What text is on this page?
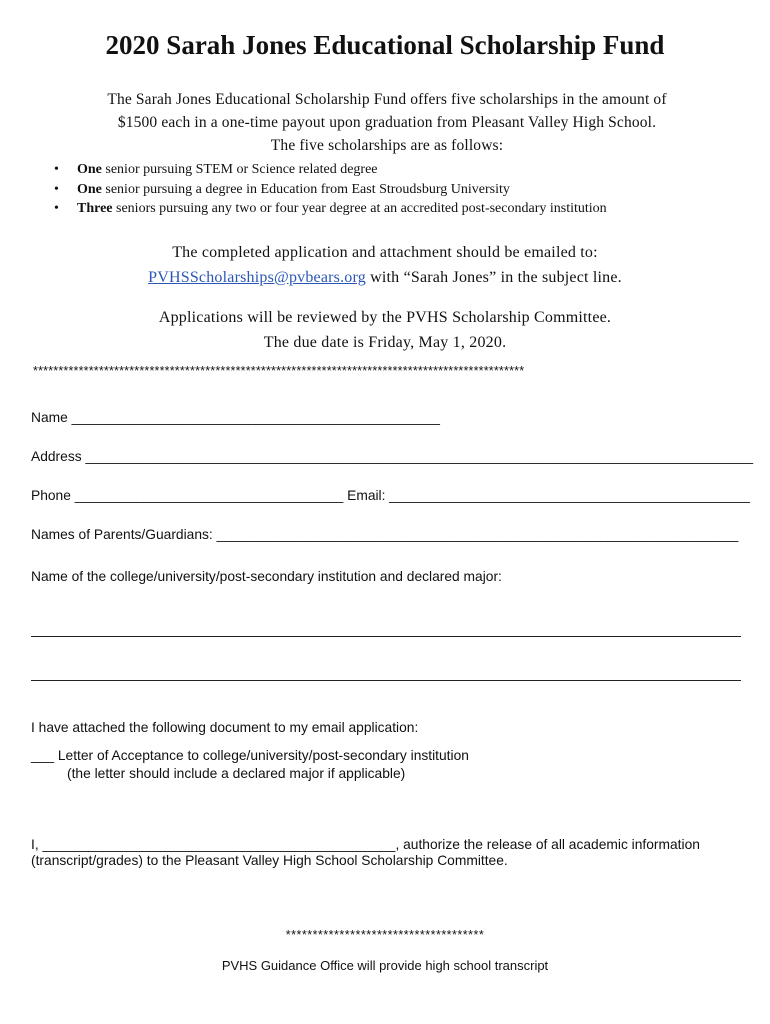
2020 Sarah Jones Educational Scholarship Fund
The Sarah Jones Educational Scholarship Fund offers five scholarships in the amount of
$1500 each in a one-time payout upon graduation from Pleasant Valley High School.
The five scholarships are as follows:
• One senior pursuing STEM or Science related degree
• One senior pursuing a degree in Education from East Stroudsburg University
• Three seniors pursuing any two or four year degree at an accredited post-secondary institution
The completed application and attachment should be emailed to:
PVHSScholarships@pvbears.org with “Sarah Jones” in the subject line.
Applications will be reviewed by the PVHS Scholarship Committee.
The due date is Friday, May 1, 2020.
*************************************************************************************************
Name ________________________________________________
Address _______________________________________________________________________________________
Phone ___________________________________ Email: _______________________________________________
Names of Parents/Guardians: ____________________________________________________________________
Name of the college/university/post-secondary institution and declared major:
I have attached the following document to my email application:
___ Letter of Acceptance to college/university/post-secondary institution
(the letter should include a declared major if applicable)
I, ______________________________________________, authorize the release of all academic information
(transcript/grades) to the Pleasant Valley High School Scholarship Committee.
*************************************
PVHS Guidance Office will provide high school transcript
